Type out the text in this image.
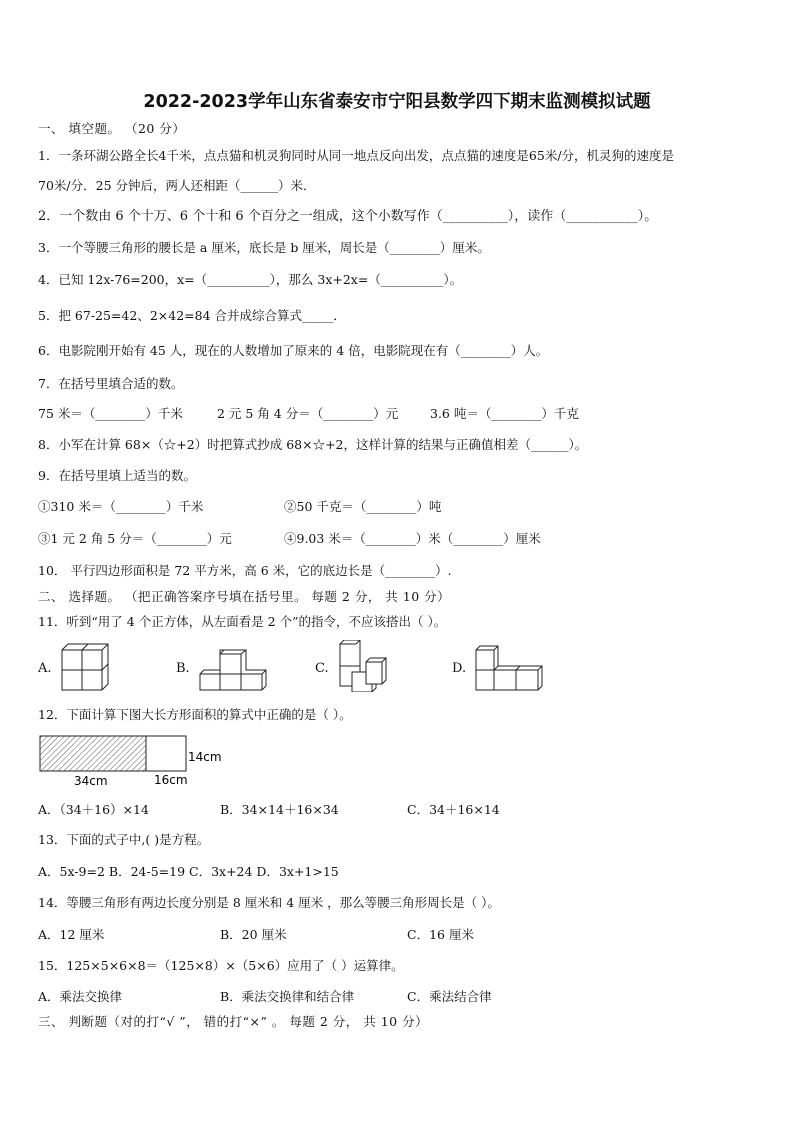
2022-2023学年山东省泰安市宁阳县数学四下期末监测模拟试题
一、 填空题。 （20 分）
1．一条环湖公路全长4千米，点点猫和机灵狗同时从同一地点反向出发，点点猫的速度是65米/分，机灵狗的速度是
70米/分．25 分钟后，两人还相距（______）米．
2．一个数由 6 个十万、6 个十和 6 个百分之一组成，这个小数写作（__________），读作（___________）。
3．一个等腰三角形的腰长是 a 厘米，底长是 b 厘米，周长是（________）厘米。
4．已知 12x-76=200，x=（__________），那么 3x+2x=（__________）。
5．把 67-25=42、2×42=84 合并成综合算式_____．
6．电影院刚开始有 45 人，现在的人数增加了原来的 4 倍，电影院现在有（________）人。
7．在括号里填合适的数。
75 米＝（________）千米	2 元 5 角 4 分＝（________）元	3.6 吨＝（________）千克
8．小军在计算 68×（☆+2）时把算式抄成 68×☆+2，这样计算的结果与正确值相差（______）。
9．在括号里填上适当的数。
①310 米＝（________）千米	②50 千克＝（________）吨
③1 元 2 角 5 分＝（________）元	④9.03 米＝（________）米（________）厘米
10． 平行四边形面积是 72 平方米，高 6 米，它的底边长是（________）.
二、 选择题。 （把正确答案序号填在括号里。 每题 2 分， 共 10 分）
11．听到“用了 4 个正方体，从左面看是 2 个”的指令，不应该搭出（ ）。
A.	B.	C.	D.
12．下面计算下图大长方形面积的算式中正确的是（ ）。
34cm	16cm
14cm
A．（34＋16）×14	B．34×14＋16×34	C．34＋16×14
13．下面的式子中,( )是方程。
A．5x-9=2 B．24-5=19 C．3x+24 D．3x+1>15
14．等腰三角形有两边长度分别是 8 厘米和 4 厘米 ，那么等腰三角形周长是（ ）。
A．12 厘米	B．20 厘米	C．16 厘米
15．125×5×6×8＝（125×8）×（5×6）应用了（ ）运算律。
A．乘法交换律	B．乘法交换律和结合律	C．乘法结合律
三、 判断题（对的打“√ ”， 错的打“×” 。 每题 2 分， 共 10 分）
